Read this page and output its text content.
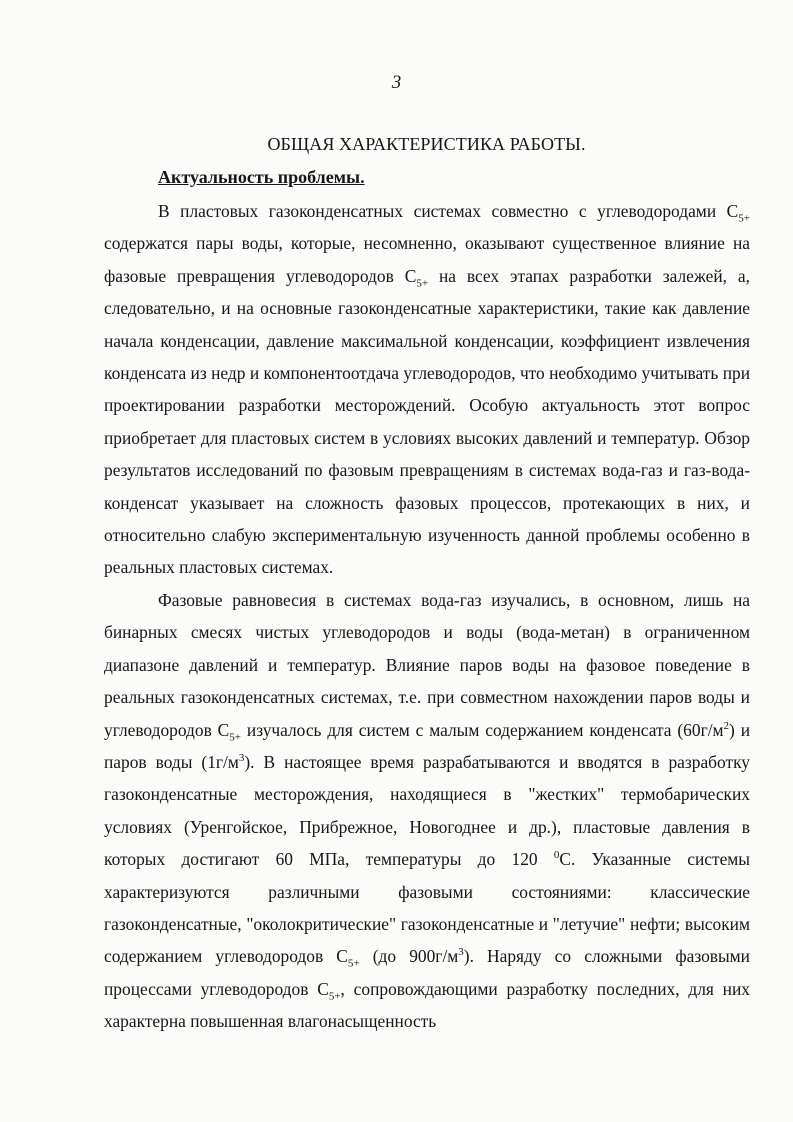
3
ОБЩАЯ ХАРАКТЕРИСТИКА РАБОТЫ.
Актуальность проблемы.

В пластовых газоконденсатных системах совместно с углеводородами $С_{5+}$ содержатся пары воды, которые, несомненно, оказывают существенное влияние на фазовые превращения углеводородов $С_{5+}$ на всех этапах разработки залежей, а, следовательно, и на основные газоконденсатные характеристики, такие как давление начала конденсации, давление максимальной конденсации, коэффициент извлечения конденсата из недр и компонентоотдача углеводородов, что необходимо учитывать при проектировании разработки месторождений. Особую актуальность этот вопрос приобретает для пластовых систем в условиях высоких давлений и температур. Обзор результатов исследований по фазовым превращениям в системах вода-газ и газ-вода-конденсат указывает на сложность фазовых процессов, протекающих в них, и относительно слабую экспериментальную изученность данной проблемы особенно в реальных пластовых системах.

Фазовые равновесия в системах вода-газ изучались, в основном, лишь на бинарных смесях чистых углеводородов и воды (вода-метан) в ограниченном диапазоне давлений и температур. Влияние паров воды на фазовое поведение в реальных газоконденсатных системах, т.е. при совместном нахождении паров воды и углеводородов $С_{5+}$ изучалось для систем с малым содержанием конденсата $(60г/м^2)$ и паров воды $(1г/м^3)$. В настоящее время разрабатываются и вводятся в разработку газоконденсатные месторождения, находящиеся в "жестких" термобарических условиях (Уренгойское, Прибрежное, Новогоднее и др.), пластовые давления в которых достигают 60 МПа, температуры до 120 $^0$С. Указанные системы характеризуются различными фазовыми состояниями: классические газоконденсатные, "околокритические" газоконденсатные и "летучие" нефти; высоким содержанием углеводородов $С_{5+}$ (до $900г/м^3$). Наряду со сложными фазовыми процессами углеводородов $С_{5+}$, сопровождающими разработку последних, для них характерна повышенная влагонасыщенность
